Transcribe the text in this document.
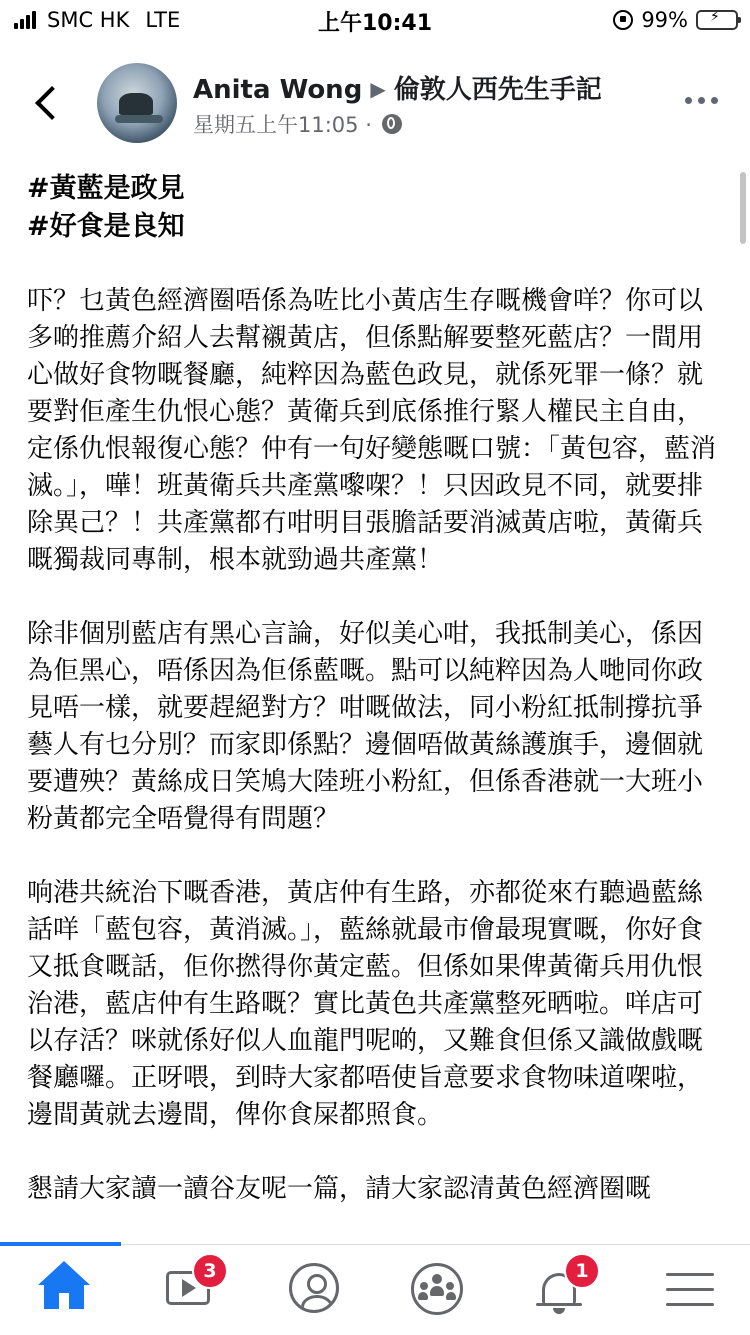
SMC HK LTE	上午10:41	99%
Anita Wong ▶ 倫敦人西先生手記
星期五上午11:05 ·
#黃藍是政見
#好食是良知

吓？乜黃色經濟圈唔係為咗比小黃店生存嘅機會咩？你可以多啲推薦介紹人去幫襯黃店，但係點解要整死藍店？一間用心做好食物嘅餐廳，純粹因為藍色政見，就係死罪一條？就要對佢產生仇恨心態？黃衛兵到底係推行緊人權民主自由，定係仇恨報復心態？仲有一句好變態嘅口號：「黃包容，藍消滅。」，嘩！班黃衛兵共產黨嚟㗎？！只因政見不同，就要排除異己？！共產黨都冇咁明目張膽話要消滅黃店啦，黃衛兵嘅獨裁同專制，根本就勁過共產黨！

除非個別藍店有黑心言論，好似美心咁，我抵制美心，係因為佢黑心，唔係因為佢係藍嘅。點可以純粹因為人哋同你政見唔一樣，就要趕絕對方？咁嘅做法，同小粉紅抵制撐抗爭藝人有乜分別？而家即係點？邊個唔做黃絲護旗手，邊個就要遭殃？黃絲成日笑鳩大陸班小粉紅，但係香港就一大班小粉黃都完全唔覺得有問題？

响港共統治下嘅香港，黃店仲有生路，亦都從來冇聽過藍絲話咩「藍包容，黃消滅。」，藍絲就最市儈最現實嘅，你好食又抵食嘅話，佢你撚得你黃定藍。但係如果俾黃衛兵用仇恨治港，藍店仲有生路嘅？實比黃色共產黨整死晒啦。咩店可以存活？咪就係好似人血龍門呢啲，又難食但係又識做戲嘅餐廳囉。正呀喂，到時大家都唔使旨意要求食物味道㗎啦，邊間黃就去邊間，俾你食屎都照食。

懇請大家讀一讀谷友呢一篇，請大家認清黃色經濟圈嘅

3	1
